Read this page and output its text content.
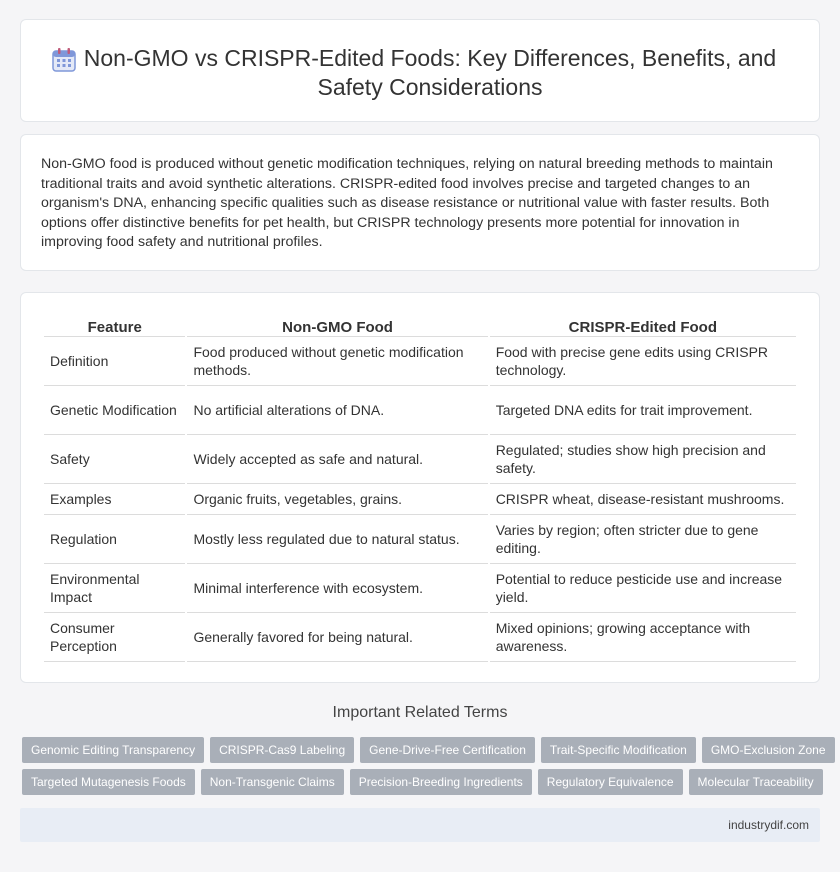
Non-GMO vs CRISPR-Edited Foods: Key Differences, Benefits, and Safety Considerations

Non-GMO food is produced without genetic modification techniques, relying on natural breeding methods to maintain traditional traits and avoid synthetic alterations. CRISPR-edited food involves precise and targeted changes to an organism's DNA, enhancing specific qualities such as disease resistance or nutritional value with faster results. Both options offer distinctive benefits for pet health, but CRISPR technology presents more potential for innovation in improving food safety and nutritional profiles.

Feature	Non-GMO Food	CRISPR-Edited Food
Definition	Food produced without genetic modification methods.	Food with precise gene edits using CRISPR technology.
Genetic Modification	No artificial alterations of DNA.	Targeted DNA edits for trait improvement.
Safety	Widely accepted as safe and natural.	Regulated; studies show high precision and safety.
Examples	Organic fruits, vegetables, grains.	CRISPR wheat, disease-resistant mushrooms.
Regulation	Mostly less regulated due to natural status.	Varies by region; often stricter due to gene editing.
Environmental Impact	Minimal interference with ecosystem.	Potential to reduce pesticide use and increase yield.
Consumer Perception	Generally favored for being natural.	Mixed opinions; growing acceptance with awareness.
Important Related Terms
Genomic Editing Transparency	CRISPR-Cas9 Labeling	Gene-Drive-Free Certification	Trait-Specific Modification	GMO-Exclusion Zone
Targeted Mutagenesis Foods	Non-Transgenic Claims	Precision-Breeding Ingredients	Regulatory Equivalence	Molecular Traceability
industrydif.com
